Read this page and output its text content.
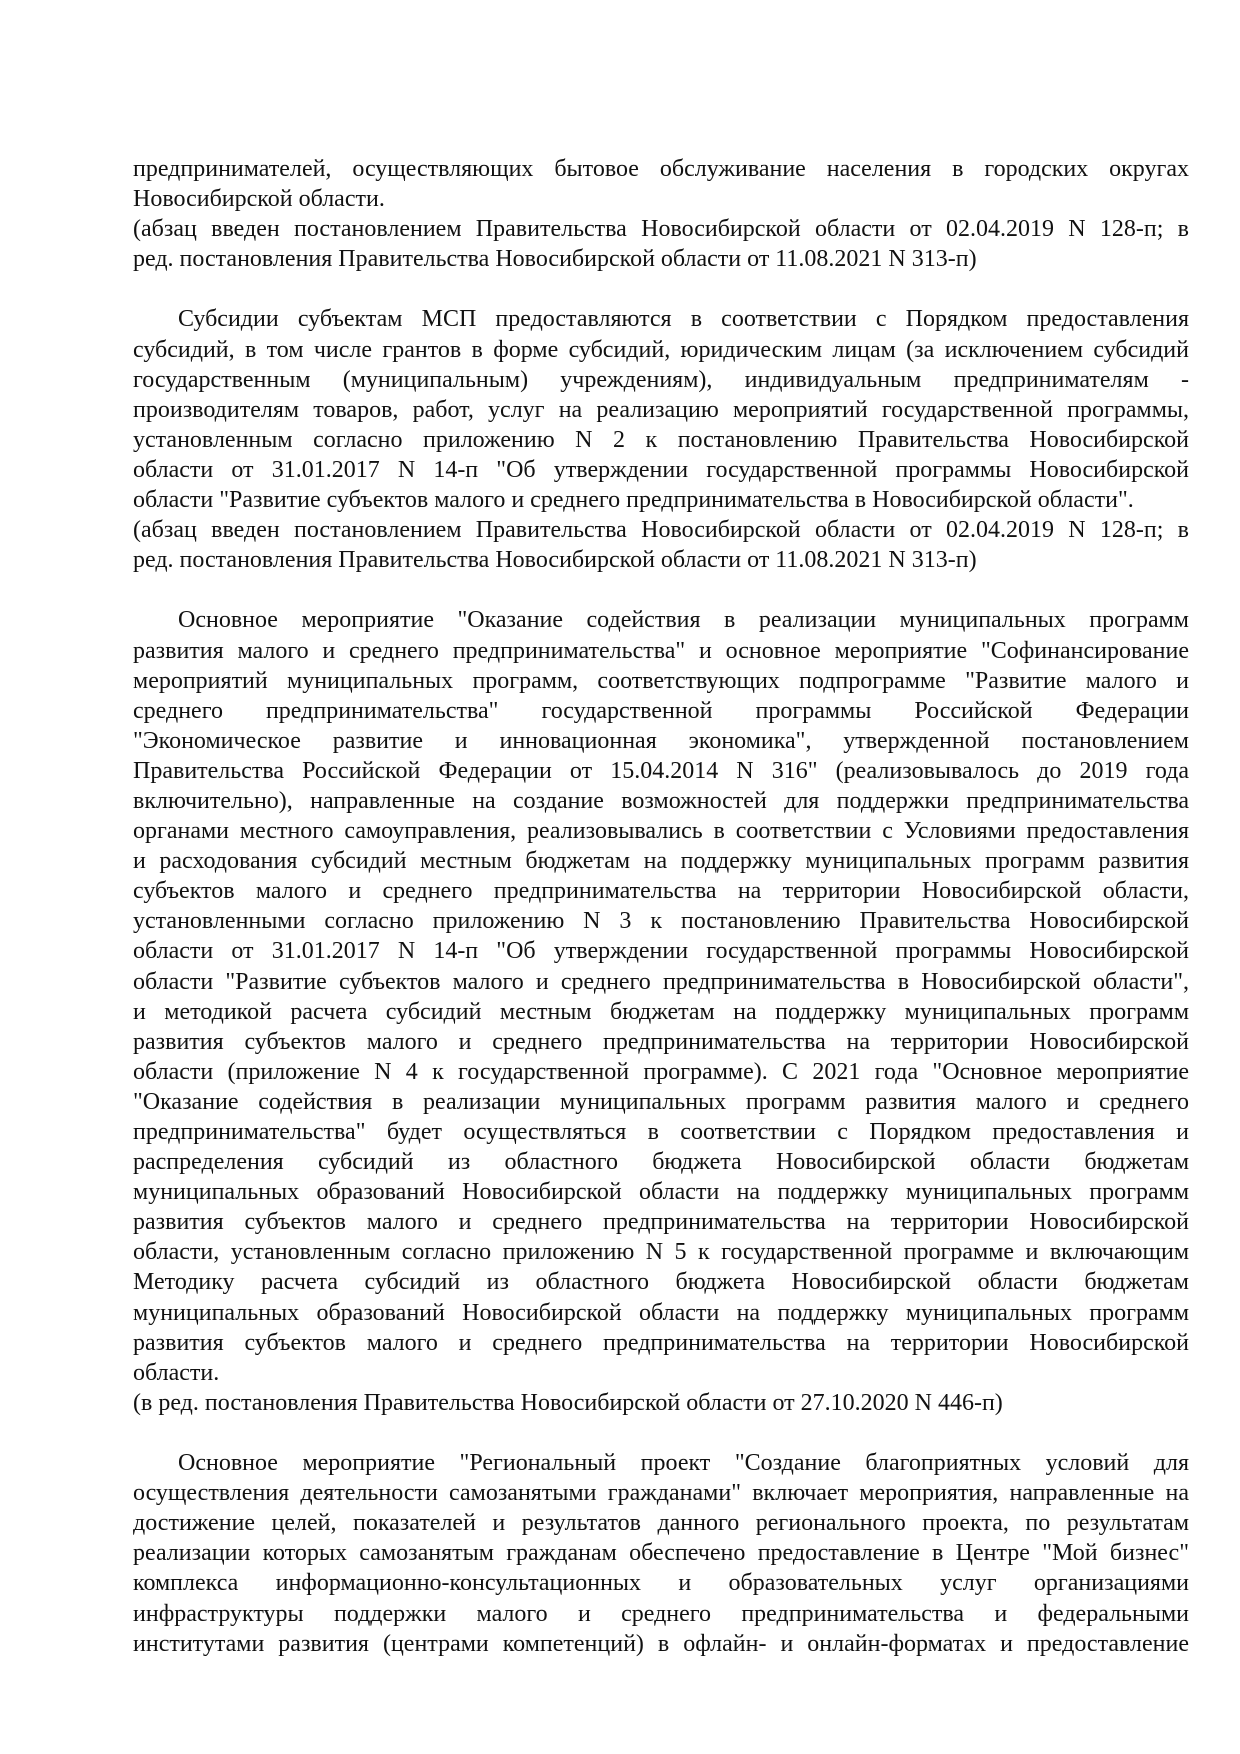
предпринимателей, осуществляющих бытовое обслуживание населения в городских округах
Новосибирской области.
(абзац введен постановлением Правительства Новосибирской области от 02.04.2019 N 128-п; в
ред. постановления Правительства Новосибирской области от 11.08.2021 N 313-п)
Субсидии субъектам МСП предоставляются в соответствии с Порядком предоставления
субсидий, в том числе грантов в форме субсидий, юридическим лицам (за исключением субсидий
государственным (муниципальным) учреждениям), индивидуальным предпринимателям -
производителям товаров, работ, услуг на реализацию мероприятий государственной программы,
установленным согласно приложению N 2 к постановлению Правительства Новосибирской
области от 31.01.2017 N 14-п "Об утверждении государственной программы Новосибирской
области "Развитие субъектов малого и среднего предпринимательства в Новосибирской области".
(абзац введен постановлением Правительства Новосибирской области от 02.04.2019 N 128-п; в
ред. постановления Правительства Новосибирской области от 11.08.2021 N 313-п)
Основное мероприятие "Оказание содействия в реализации муниципальных программ
развития малого и среднего предпринимательства" и основное мероприятие "Софинансирование
мероприятий муниципальных программ, соответствующих подпрограмме "Развитие малого и
среднего предпринимательства" государственной программы Российской Федерации
"Экономическое развитие и инновационная экономика", утвержденной постановлением
Правительства Российской Федерации от 15.04.2014 N 316" (реализовывалось до 2019 года
включительно), направленные на создание возможностей для поддержки предпринимательства
органами местного самоуправления, реализовывались в соответствии с Условиями предоставления
и расходования субсидий местным бюджетам на поддержку муниципальных программ развития
субъектов малого и среднего предпринимательства на территории Новосибирской области,
установленными согласно приложению N 3 к постановлению Правительства Новосибирской
области от 31.01.2017 N 14-п "Об утверждении государственной программы Новосибирской
области "Развитие субъектов малого и среднего предпринимательства в Новосибирской области",
и методикой расчета субсидий местным бюджетам на поддержку муниципальных программ
развития субъектов малого и среднего предпринимательства на территории Новосибирской
области (приложение N 4 к государственной программе). С 2021 года "Основное мероприятие
"Оказание содействия в реализации муниципальных программ развития малого и среднего
предпринимательства" будет осуществляться в соответствии с Порядком предоставления и
распределения субсидий из областного бюджета Новосибирской области бюджетам
муниципальных образований Новосибирской области на поддержку муниципальных программ
развития субъектов малого и среднего предпринимательства на территории Новосибирской
области, установленным согласно приложению N 5 к государственной программе и включающим
Методику расчета субсидий из областного бюджета Новосибирской области бюджетам
муниципальных образований Новосибирской области на поддержку муниципальных программ
развития субъектов малого и среднего предпринимательства на территории Новосибирской
области.
(в ред. постановления Правительства Новосибирской области от 27.10.2020 N 446-п)
Основное мероприятие "Региональный проект "Создание благоприятных условий для
осуществления деятельности самозанятыми гражданами" включает мероприятия, направленные на
достижение целей, показателей и результатов данного регионального проекта, по результатам
реализации которых самозанятым гражданам обеспечено предоставление в Центре "Мой бизнес"
комплекса информационно-консультационных и образовательных услуг организациями
инфраструктуры поддержки малого и среднего предпринимательства и федеральными
институтами развития (центрами компетенций) в офлайн- и онлайн-форматах и предоставление
